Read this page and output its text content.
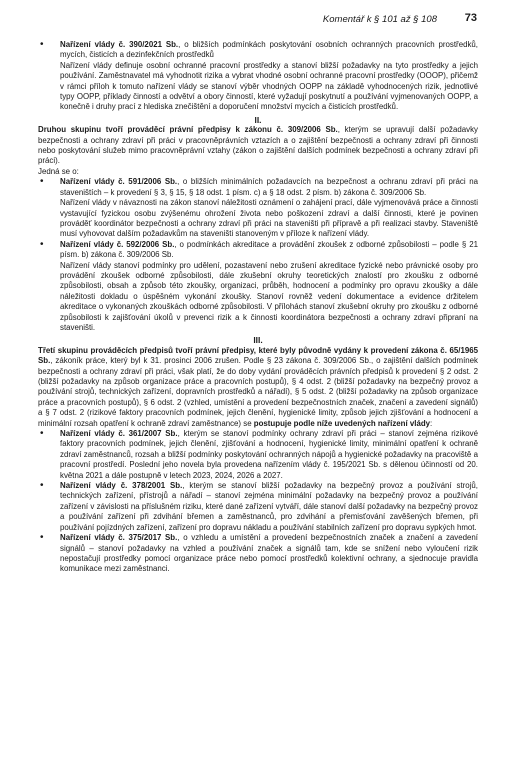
Komentář k § 101 až § 108	73

• Nařízení vlády č. 390/2021 Sb., o bližších podmínkách poskytování osobních ochranných pracovních prostředků, mycích, čisticích a dezinfekčních prostředků

Nařízení vlády definuje osobní ochranné pracovní prostředky a stanoví bližší požadavky na tyto prostředky a jejich používání. Zaměstnavatel má vyhodnotit rizika a vybrat vhodné osobní ochranné pracovní prostředky (OOOP), přičemž v rámci příloh k tomuto nařízení vlády se stanoví výběr vhodných OOPP na základě vyhodnocených rizik, jednotlivé typy OOPP, příklady činností a odvětví a obory činností, které vyžadují poskytnutí a používání vyjmenovaných OOPP, a konečně i druhy prací z hlediska znečištění a doporučení množství mycích a čisticích prostředků.

II.

Druhou skupinu tvoří prováděcí právní předpisy k zákonu č. 309/2006 Sb., kterým se upravují další požadavky bezpečnosti a ochrany zdraví při práci v pracovněprávních vztazích a o zajištění bezpečnosti a ochrany zdraví při činnosti nebo poskytování služeb mimo pracovněprávní vztahy (zákon o zajištění dalších podmínek bezpečnosti a ochrany zdraví při práci).

Jedná se o:

• Nařízení vlády č. 591/2006 Sb., o bližších minimálních požadavcích na bezpečnost a ochranu zdraví při práci na staveništích – k provedení § 3, § 15, § 18 odst. 1 písm. c) a § 18 odst. 2 písm. b) zákona č. 309/2006 Sb.

Nařízení vlády v návaznosti na zákon stanoví náležitosti oznámení o zahájení prací, dále vyjmenovává práce a činnosti vystavující fyzickou osobu zvýšenému ohrožení života nebo poškození zdraví a další činnosti, které je povinen prováděť koordinátor bezpečnosti a ochrany zdraví při práci na staveništi při přípravě a při realizaci stavby. Staveniště musí vyhovovat dalším požadavkům na staveništi stanoveným v příloze k nařízení vlády.

• Nařízení vlády č. 592/2006 Sb., o podmínkách akreditace a provádění zkoušek z odborné způsobilosti – podle § 21 písm. b) zákona č. 309/2006 Sb.

Nařízení vlády stanoví podmínky pro udělení, pozastavení nebo zrušení akreditace fyzické nebo právnické osoby pro provádění zkoušek odborné způsobilosti, dále zkušební okruhy teoretických znalostí pro zkoušku z odborné způsobilosti, obsah a způsob této zkoušky, organizaci, průběh, hodnocení a podmínky pro opravu zkoušky a dále náležitosti dokladu o úspěšném vykonání zkoušky. Stanoví rovněž vedení dokumentace a evidence držitelem akreditace o vykonaných zkouškách odborné způsobilosti. V přílohách stanoví zkušební okruhy pro zkoušku z odborné způsobilosti k zajišťování úkolů v prevenci rizik a k činnosti koordinátora bezpečnosti a ochrany zdraví připraní na staveništi.

III.

Třetí skupinu prováděcích předpisů tvoří právní předpisy, které byly původně vydány k provedení zákona č. 65/1965 Sb., zákoník práce, který byl k 31. prosinci 2006 zrušen. Podle § 23 zákona č. 309/2006 Sb., o zajištění dalších podmínek bezpečnosti a ochrany zdraví při práci, však platí, že do doby vydání prováděcích právních předpisů k provedení § 2 odst. 2 (bližší požadavky na způsob organizace práce a pracovních postupů), § 4 odst. 2 (bližší požadavky na bezpečný provoz a používání strojů, technických zařízení, dopravních prostředků a nářadí), § 5 odst. 2 (bližší požadavky na způsob organizace práce a pracovních postupů), § 6 odst. 2 (vzhled, umístění a provedení bezpečnostních značek, značení a zavedení signálů) a § 7 odst. 2 (rizikové faktory pracovních podmínek, jejich členění, hygienické limity, způsob jejich zjišťování a hodnocení a minimální rozsah opatření k ochraně zdraví zaměstnance) se postupuje podle níže uvedených nařízení vlády:

• Nařízení vlády č. 361/2007 Sb., kterým se stanoví podmínky ochrany zdraví při práci – stanoví zejména rizikové faktory pracovních podmínek, jejich členění, zjišťování a hodnocení, hygienické limity, minimální opatření k ochraně zdraví zaměstnanců, rozsah a bližší podmínky poskytování ochranných nápojů a hygienické požadavky na pracoviště a pracovní prostředí. Poslední jeho novela byla provedena nařízením vlády č. 195/2021 Sb. s dělenou účinností od 20. května 2021 a dále postupně v letech 2023, 2024, 2026 a 2027.

• Nařízení vlády č. 378/2001 Sb., kterým se stanoví bližší požadavky na bezpečný provoz a používání strojů, technických zařízení, přístrojů a nářadí – stanoví zejména minimální požadavky na bezpečný provoz a používání zařízení v závislosti na příslušném riziku, které dané zařízení vytváří, dále stanoví další požadavky na bezpečný provoz a používání zařízení při zdvihání břemen a zaměstnanců, pro zdvihání a přemisťování zavěšených břemen, při používání pojízdných zařízení, zařízení pro dopravu nákladu a používání stabilních zařízení pro dopravu sypkých hmot.

• Nařízení vlády č. 375/2017 Sb., o vzhledu a umístění a provedení bezpečnostních značek a značení a zavedení signálů – stanoví požadavky na vzhled a používání značek a signálů tam, kde se snížení nebo vyloučení rizik nepostačují prostředky pomocí organizace práce nebo pomocí prostředků kolektivní ochrany, a sjednocuje pravidla komunikace mezi zaměstnanci.
